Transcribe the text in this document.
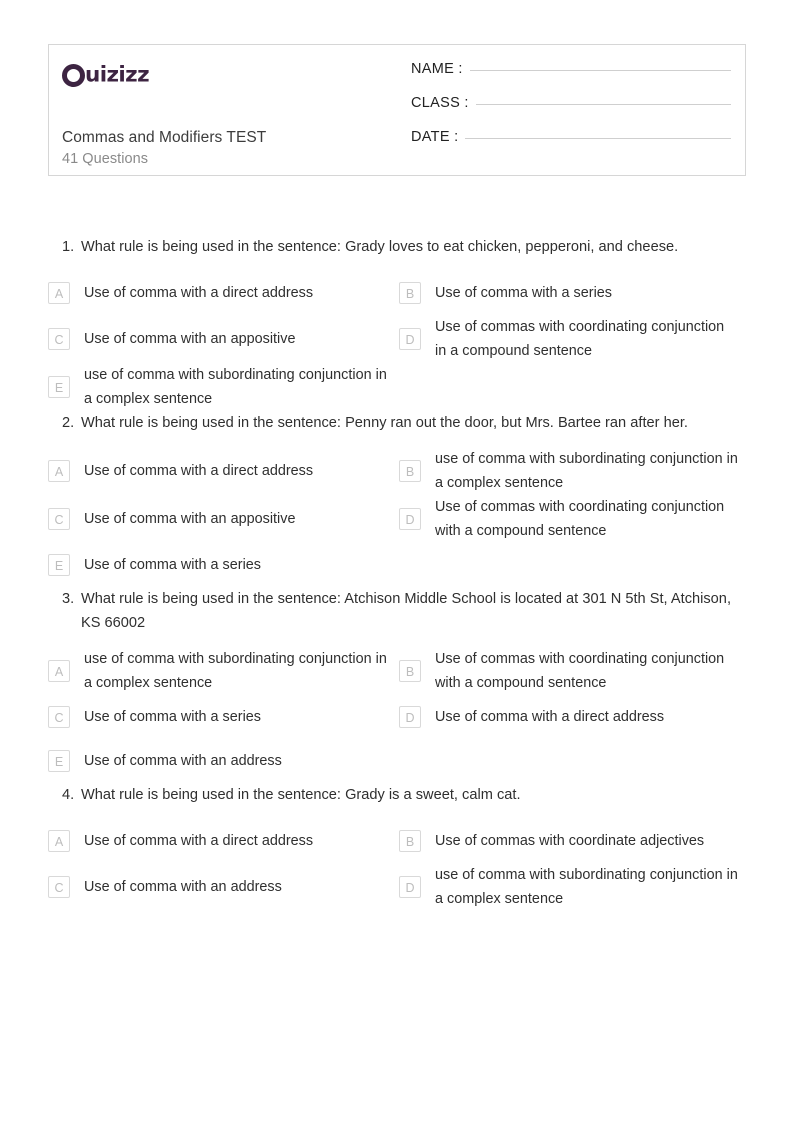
uizizz
Commas and Modifiers TEST
41 Questions
NAME :
CLASS :
DATE :
1. What rule is being used in the sentence: Grady loves to eat chicken, pepperoni, and cheese.
A	Use of comma with a direct address	B	Use of comma with a series
C	Use of comma with an appositive	D
Use of commas with coordinating conjunction in a compound sentence
E
use of comma with subordinating conjunction in a complex sentence
2. What rule is being used in the sentence: Penny ran out the door, but Mrs. Bartee ran after her.
A	Use of comma with a direct address	B
use of comma with subordinating conjunction in a complex sentence
C	Use of comma with an appositive	D
Use of commas with coordinating conjunction with a compound sentence
E	Use of comma with a series
3. What rule is being used in the sentence: Atchison Middle School is located at 301 N 5th St, Atchison, KS 66002
A
use of comma with subordinating conjunction in a complex sentence
B
Use of commas with coordinating conjunction with a compound sentence
C	Use of comma with a series	D	Use of comma with a direct address
E	Use of comma with an address
4. What rule is being used in the sentence: Grady is a sweet, calm cat.
A	Use of comma with a direct address	B	Use of commas with coordinate adjectives
C	Use of comma with an address	D
use of comma with subordinating conjunction in a complex sentence
